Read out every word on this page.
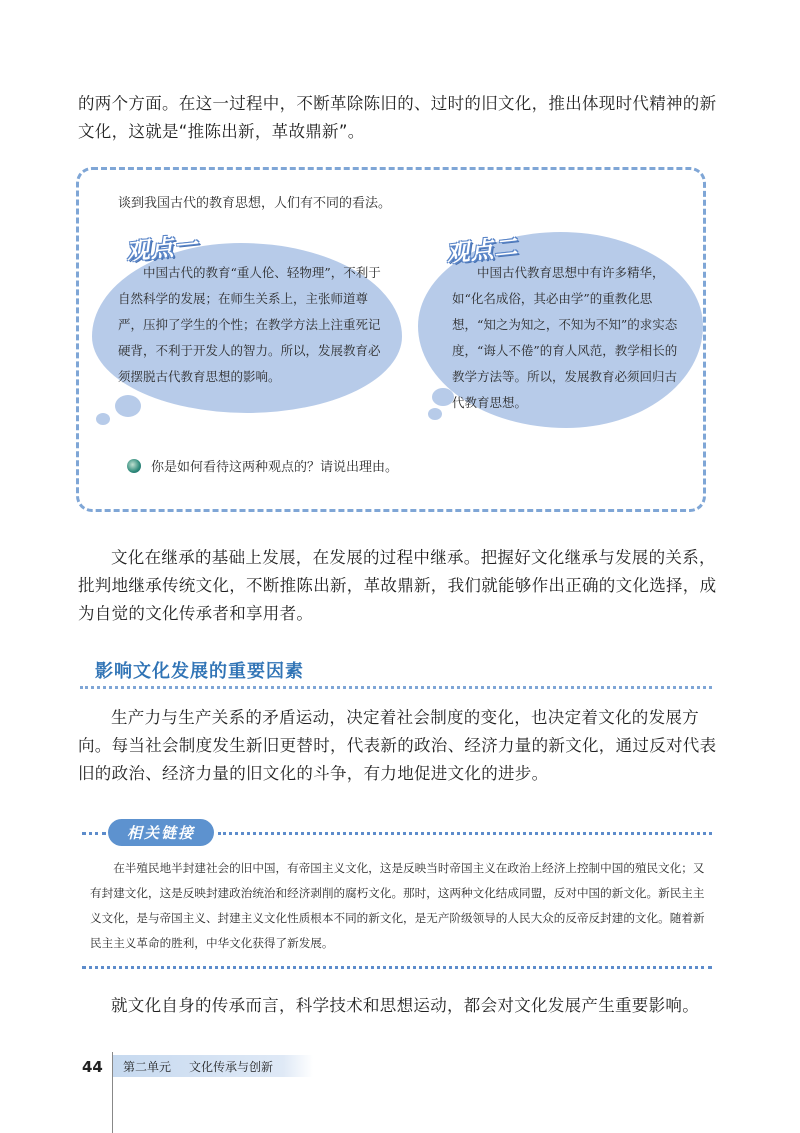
的两个方面。在这一过程中，不断革除陈旧的、过时的旧文化，推出体现时代精神的新文化，这就是“推陈出新，革故鼎新”。

谈到我国古代的教育思想，人们有不同的看法。
观点一

中国古代的教育“重人伦、轻物理”，不利于自然科学的发展；在师生关系上，主张师道尊严，压抑了学生的个性；在教学方法上注重死记硬背，不利于开发人的智力。所以，发展教育必须摆脱古代教育思想的影响。

观点二

中国古代教育思想中有许多精华，如“化名成俗，其必由学”的重教化思想，“知之为知之，不知为不知”的求实态度，“诲人不倦”的育人风范，教学相长的教学方法等。所以，发展教育必须回归古代教育思想。

你是如何看待这两种观点的？请说出理由。

文化在继承的基础上发展，在发展的过程中继承。把握好文化继承与发展的关系，批判地继承传统文化，不断推陈出新，革故鼎新，我们就能够作出正确的文化选择，成为自觉的文化传承者和享用者。

影响文化发展的重要因素

生产力与生产关系的矛盾运动，决定着社会制度的变化，也决定着文化的发展方向。每当社会制度发生新旧更替时，代表新的政治、经济力量的新文化，通过反对代表旧的政治、经济力量的旧文化的斗争，有力地促进文化的进步。

相关链接

在半殖民地半封建社会的旧中国，有帝国主义文化，这是反映当时帝国主义在政治上经济上控制中国的殖民文化；又有封建文化，这是反映封建政治统治和经济剥削的腐朽文化。那时，这两种文化结成同盟，反对中国的新文化。新民主主义文化，是与帝国主义、封建主义文化性质根本不同的新文化，是无产阶级领导的人民大众的反帝反封建的文化。随着新民主主义革命的胜利，中华文化获得了新发展。

就文化自身的传承而言，科学技术和思想运动，都会对文化发展产生重要影响。

44 第二单元 文化传承与创新
